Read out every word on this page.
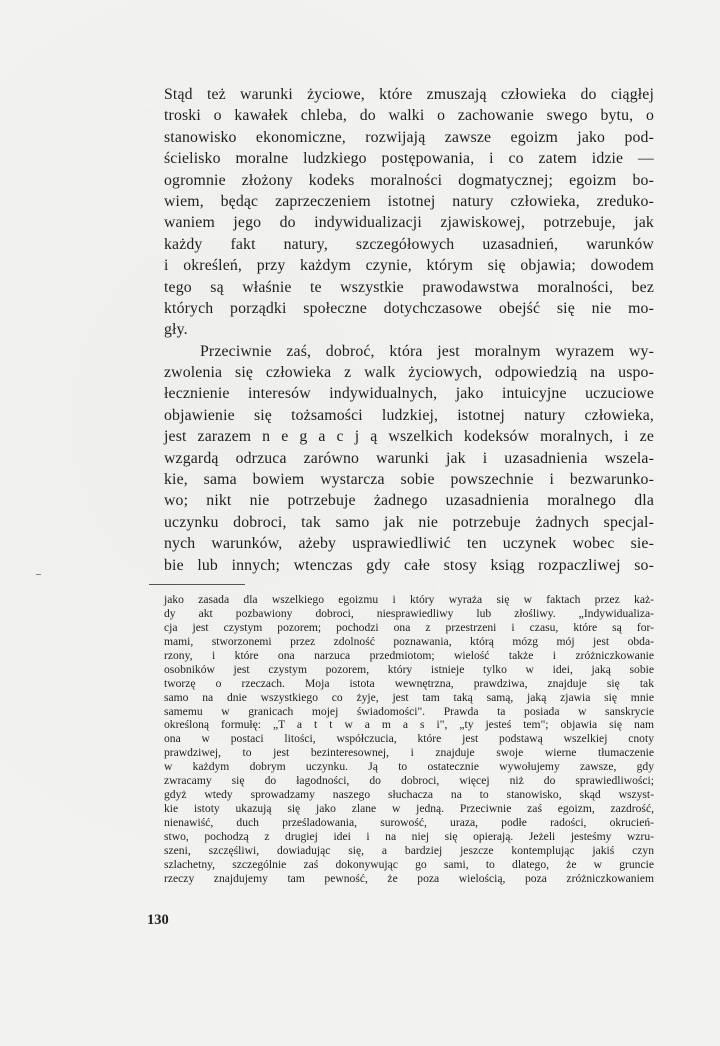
Stąd też warunki życiowe, które zmuszają człowieka do ciągłej
troski o kawałek chleba, do walki o zachowanie swego bytu, o
stanowisko ekonomiczne, rozwijają zawsze egoizm jako pod-
ścielisko moralne ludzkiego postępowania, i co zatem idzie —
ogromnie złożony kodeks moralności dogmatycznej; egoizm bo-
wiem, będąc zaprzeczeniem istotnej natury człowieka, zreduko-
waniem jego do indywidualizacji zjawiskowej, potrzebuje, jak
każdy fakt natury, szczegółowych uzasadnień, warunków
i określeń, przy każdym czynie, którym się objawia; dowodem
tego są właśnie te wszystkie prawodawstwa moralności, bez
których porządki społeczne dotychczasowe obejść się nie mo-
gły.
Przeciwnie zaś, dobroć, która jest moralnym wyrazem wy-
zwolenia się człowieka z walk życiowych, odpowiedzią na uspo-
łecznienie interesów indywidualnych, jako intuicyjne uczuciowe
objawienie się tożsamości ludzkiej, istotnej natury człowieka,
jest zarazem n e g a c j ą wszelkich kodeksów moralnych, i ze
wzgardą odrzuca zarówno warunki jak i uzasadnienia wszela-
kie, sama bowiem wystarcza sobie powszechnie i bezwarunko-
wo; nikt nie potrzebuje żadnego uzasadnienia moralnego dla
uczynku dobroci, tak samo jak nie potrzebuje żadnych specjal-
nych warunków, ażeby usprawiedliwić ten uczynek wobec sie-
bie lub innych; wtenczas gdy całe stosy ksiąg rozpaczliwej so-
jako zasada dla wszelkiego egoizmu i który wyraża się w faktach przez każ-
dy akt pozbawiony dobroci, niesprawiedliwy lub złośliwy. „Indywidualiza-
cja jest czystym pozorem; pochodzi ona z przestrzeni i czasu, które są for-
mami, stworzonemi przez zdolność poznawania, którą mózg mój jest obda-
rzony, i które ona narzuca przedmiotom; wielość także i zróżniczkowanie
osobników jest czystym pozorem, który istnieje tylko w idei, jaką sobie
tworzę o rzeczach. Moja istota wewnętrzna, prawdziwa, znajduje się tak
samo na dnie wszystkiego co żyje, jest tam taką samą, jaką zjawia się mnie
samemu w granicach mojej świadomości". Prawda ta posiada w sanskrycie
określoną formułę: „T a t t w a m a s i", „ty jesteś tem"; objawia się nam
ona w postaci litości, współczucia, które jest podstawą wszelkiej cnoty
prawdziwej, to jest bezinteresownej, i znajduje swoje wierne tłumaczenie
w każdym dobrym uczynku. Ją to ostatecznie wywołujemy zawsze, gdy
zwracamy się do łagodności, do dobroci, więcej niż do sprawiedliwości;
gdyż wtedy sprowadzamy naszego słuchacza na to stanowisko, skąd wszyst-
kie istoty ukazują się jako zlane w jedną. Przeciwnie zaś egoizm, zazdrość,
nienawiść, duch prześladowania, surowość, uraza, podłe radości, okrucień-
stwo, pochodzą z drugiej idei i na niej się opierają. Jeżeli jesteśmy wzru-
szeni, szczęśliwi, dowiadując się, a bardziej jeszcze kontemplując jakiś czyn
szlachetny, szczególnie zaś dokonywując go sami, to dlatego, że w gruncie
rzeczy znajdujemy tam pewność, że poza wielością, poza zróżniczkowaniem
130
